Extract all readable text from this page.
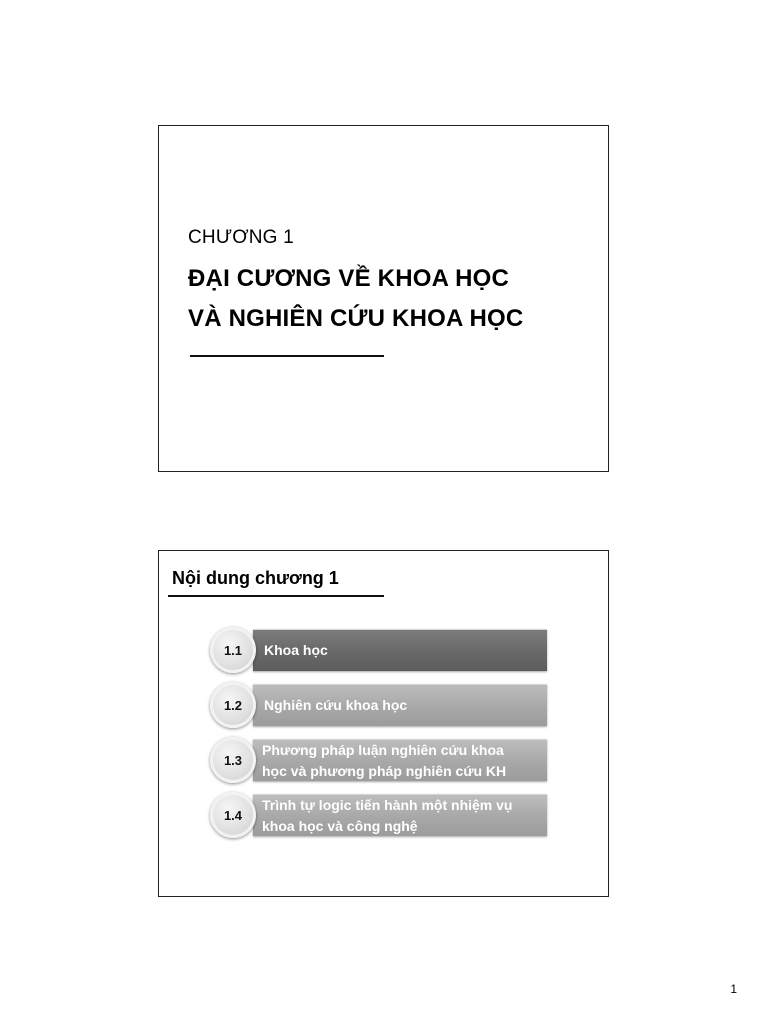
CHƯƠNG 1
ĐẠI CƯƠNG VỀ KHOA HỌC
VÀ NGHIÊN CỨU KHOA HỌC
Nội dung chương 1
1.1	Khoa học
1.2	Nghiên cứu khoa học
1.3
Phương pháp luận nghiên cứu khoa
học và phương pháp nghiên cứu KH
1.4
Trình tự logic tiến hành một nhiệm vụ
khoa học và công nghệ
1
